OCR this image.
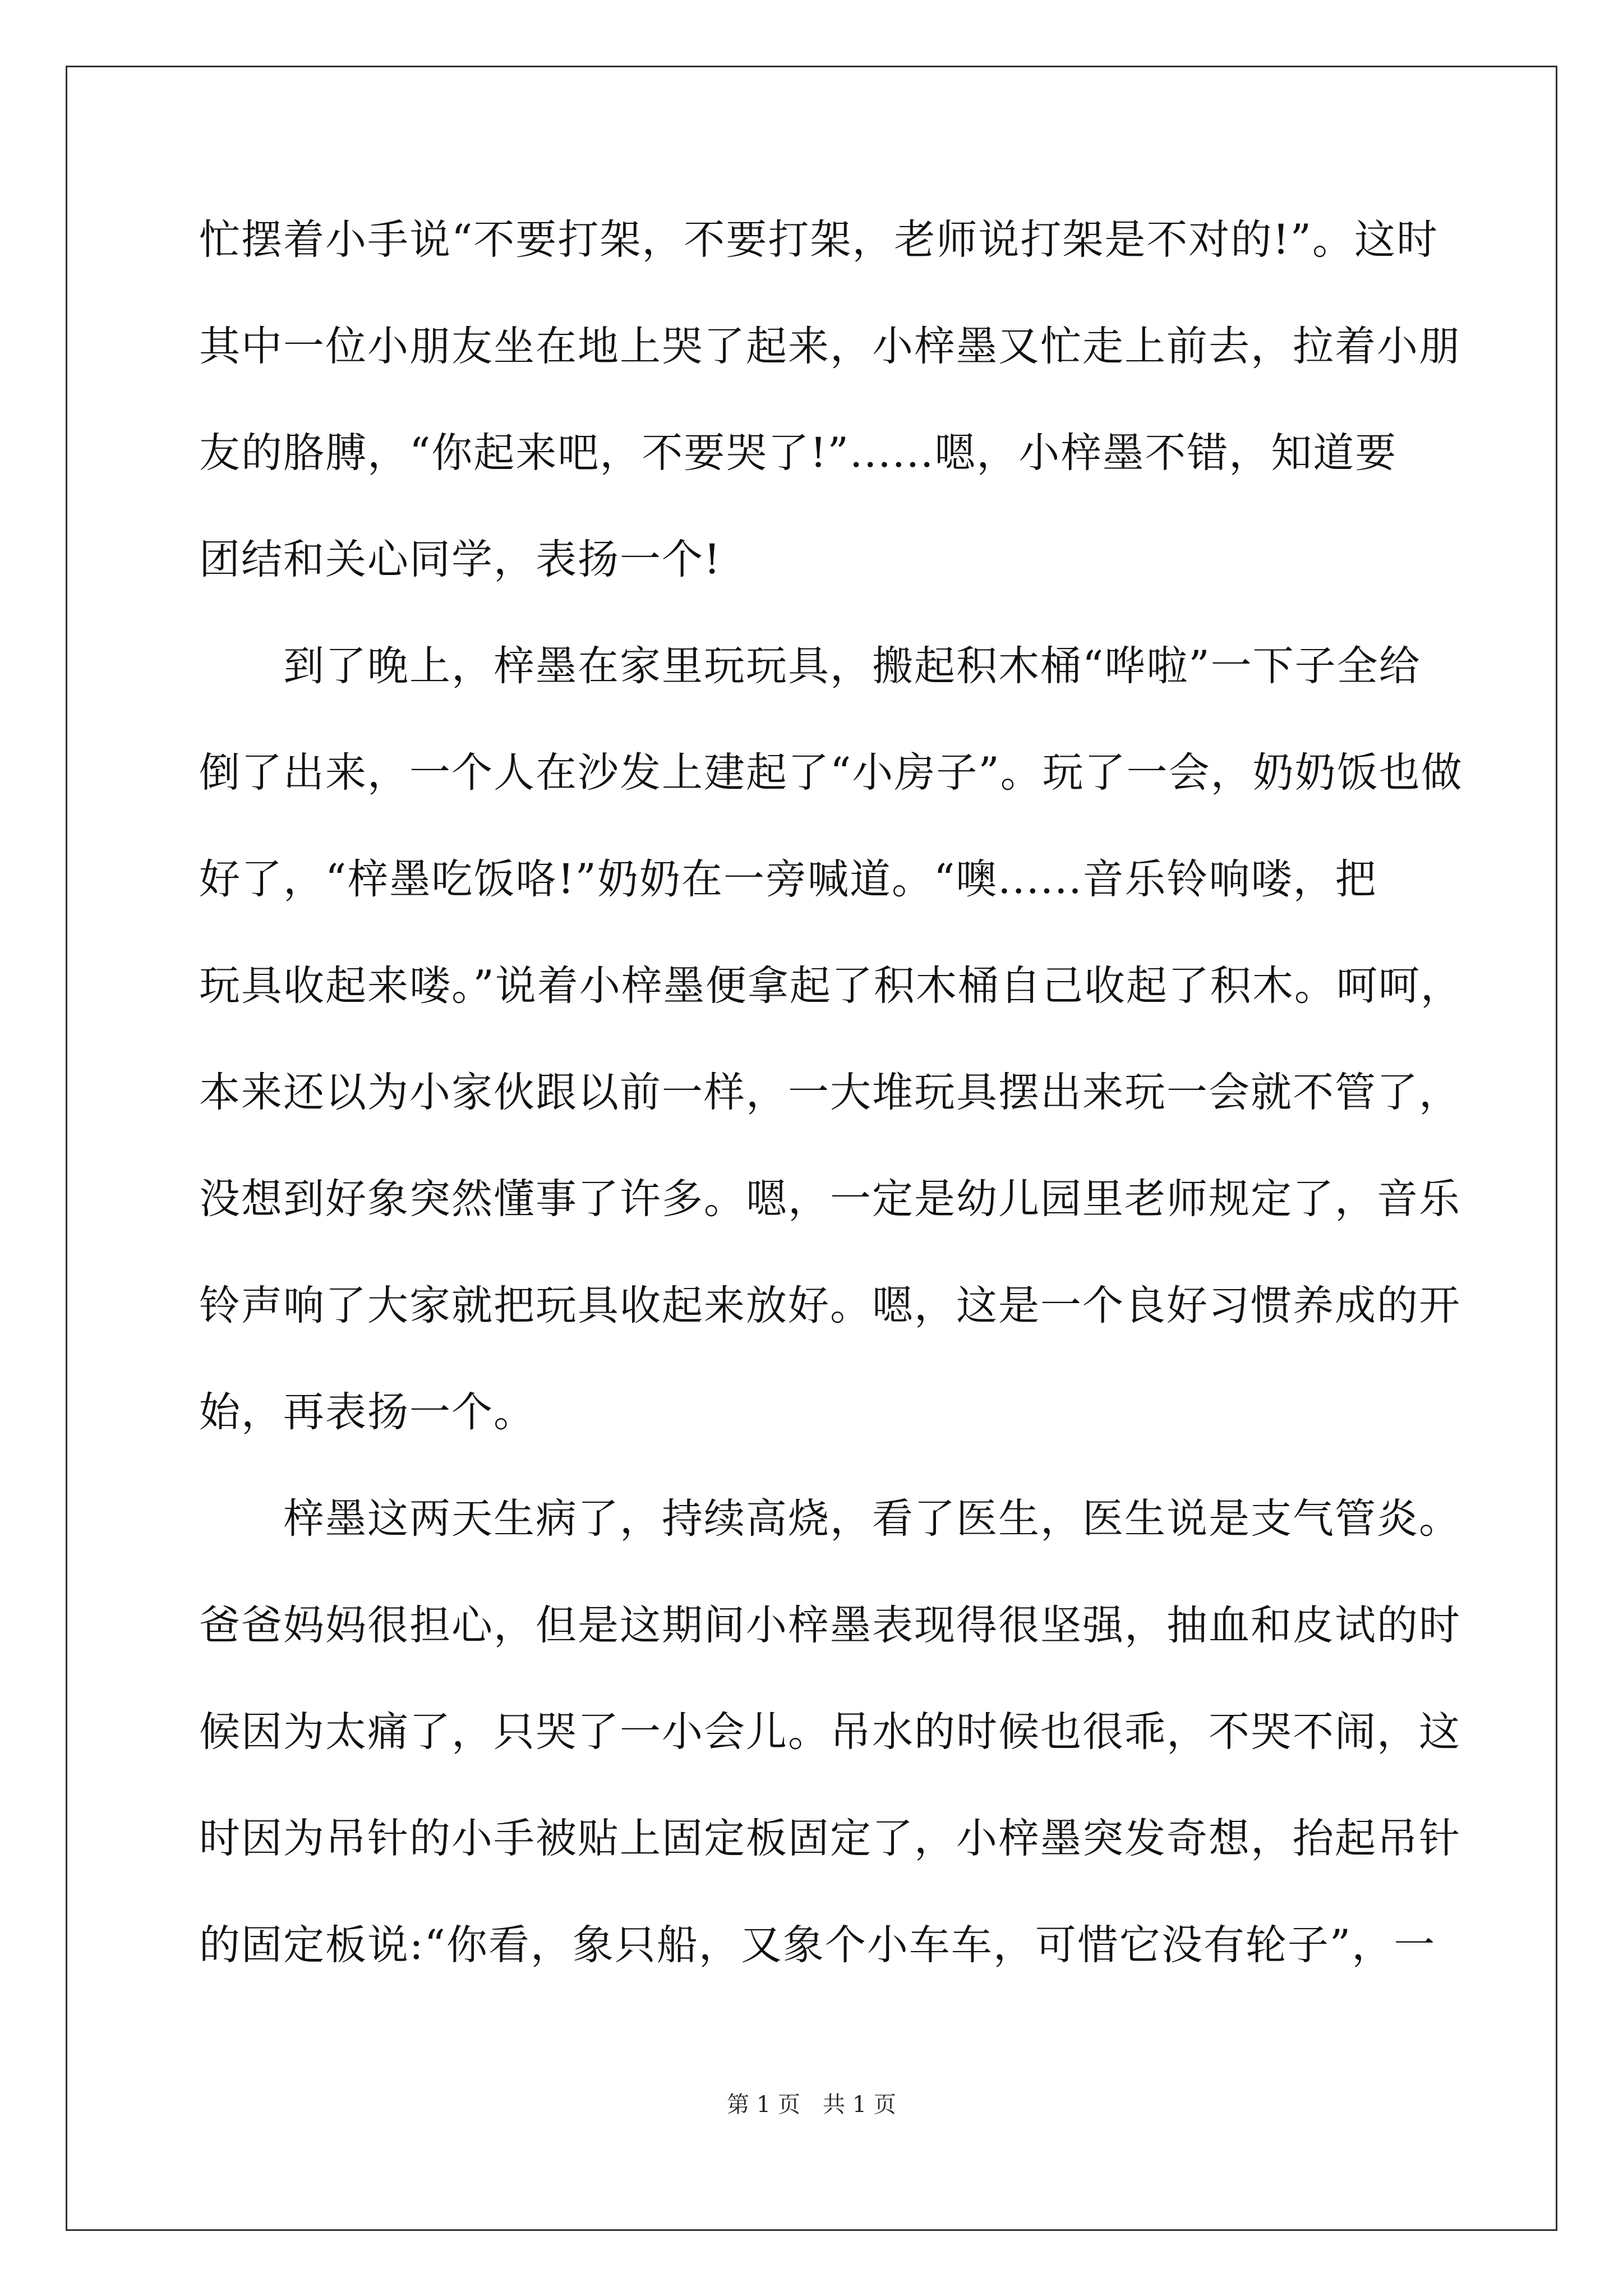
忙摆着小手说“不要打架，不要打架，老师说打架是不对的!”。这时
其中一位小朋友坐在地上哭了起来，小梓墨又忙走上前去，拉着小朋
友的胳膊，“你起来吧，不要哭了!”......嗯，小梓墨不错，知道要
团结和关心同学，表扬一个!
　　到了晚上，梓墨在家里玩玩具，搬起积木桶“哗啦”一下子全给
倒了出来，一个人在沙发上建起了“小房子”。玩了一会，奶奶饭也做
好了，“梓墨吃饭咯!”奶奶在一旁喊道。“噢......音乐铃响喽，把
玩具收起来喽。”说着小梓墨便拿起了积木桶自己收起了积木。呵呵，
本来还以为小家伙跟以前一样，一大堆玩具摆出来玩一会就不管了，
没想到好象突然懂事了许多。嗯，一定是幼儿园里老师规定了，音乐
铃声响了大家就把玩具收起来放好。嗯，这是一个良好习惯养成的开
始，再表扬一个。
　　梓墨这两天生病了，持续高烧，看了医生，医生说是支气管炎。
爸爸妈妈很担心，但是这期间小梓墨表现得很坚强，抽血和皮试的时
候因为太痛了，只哭了一小会儿。吊水的时候也很乖，不哭不闹，这
时因为吊针的小手被贴上固定板固定了，小梓墨突发奇想，抬起吊针
的固定板说:“你看，象只船，又象个小车车，可惜它没有轮子”，一
第 1 页　共 1 页
